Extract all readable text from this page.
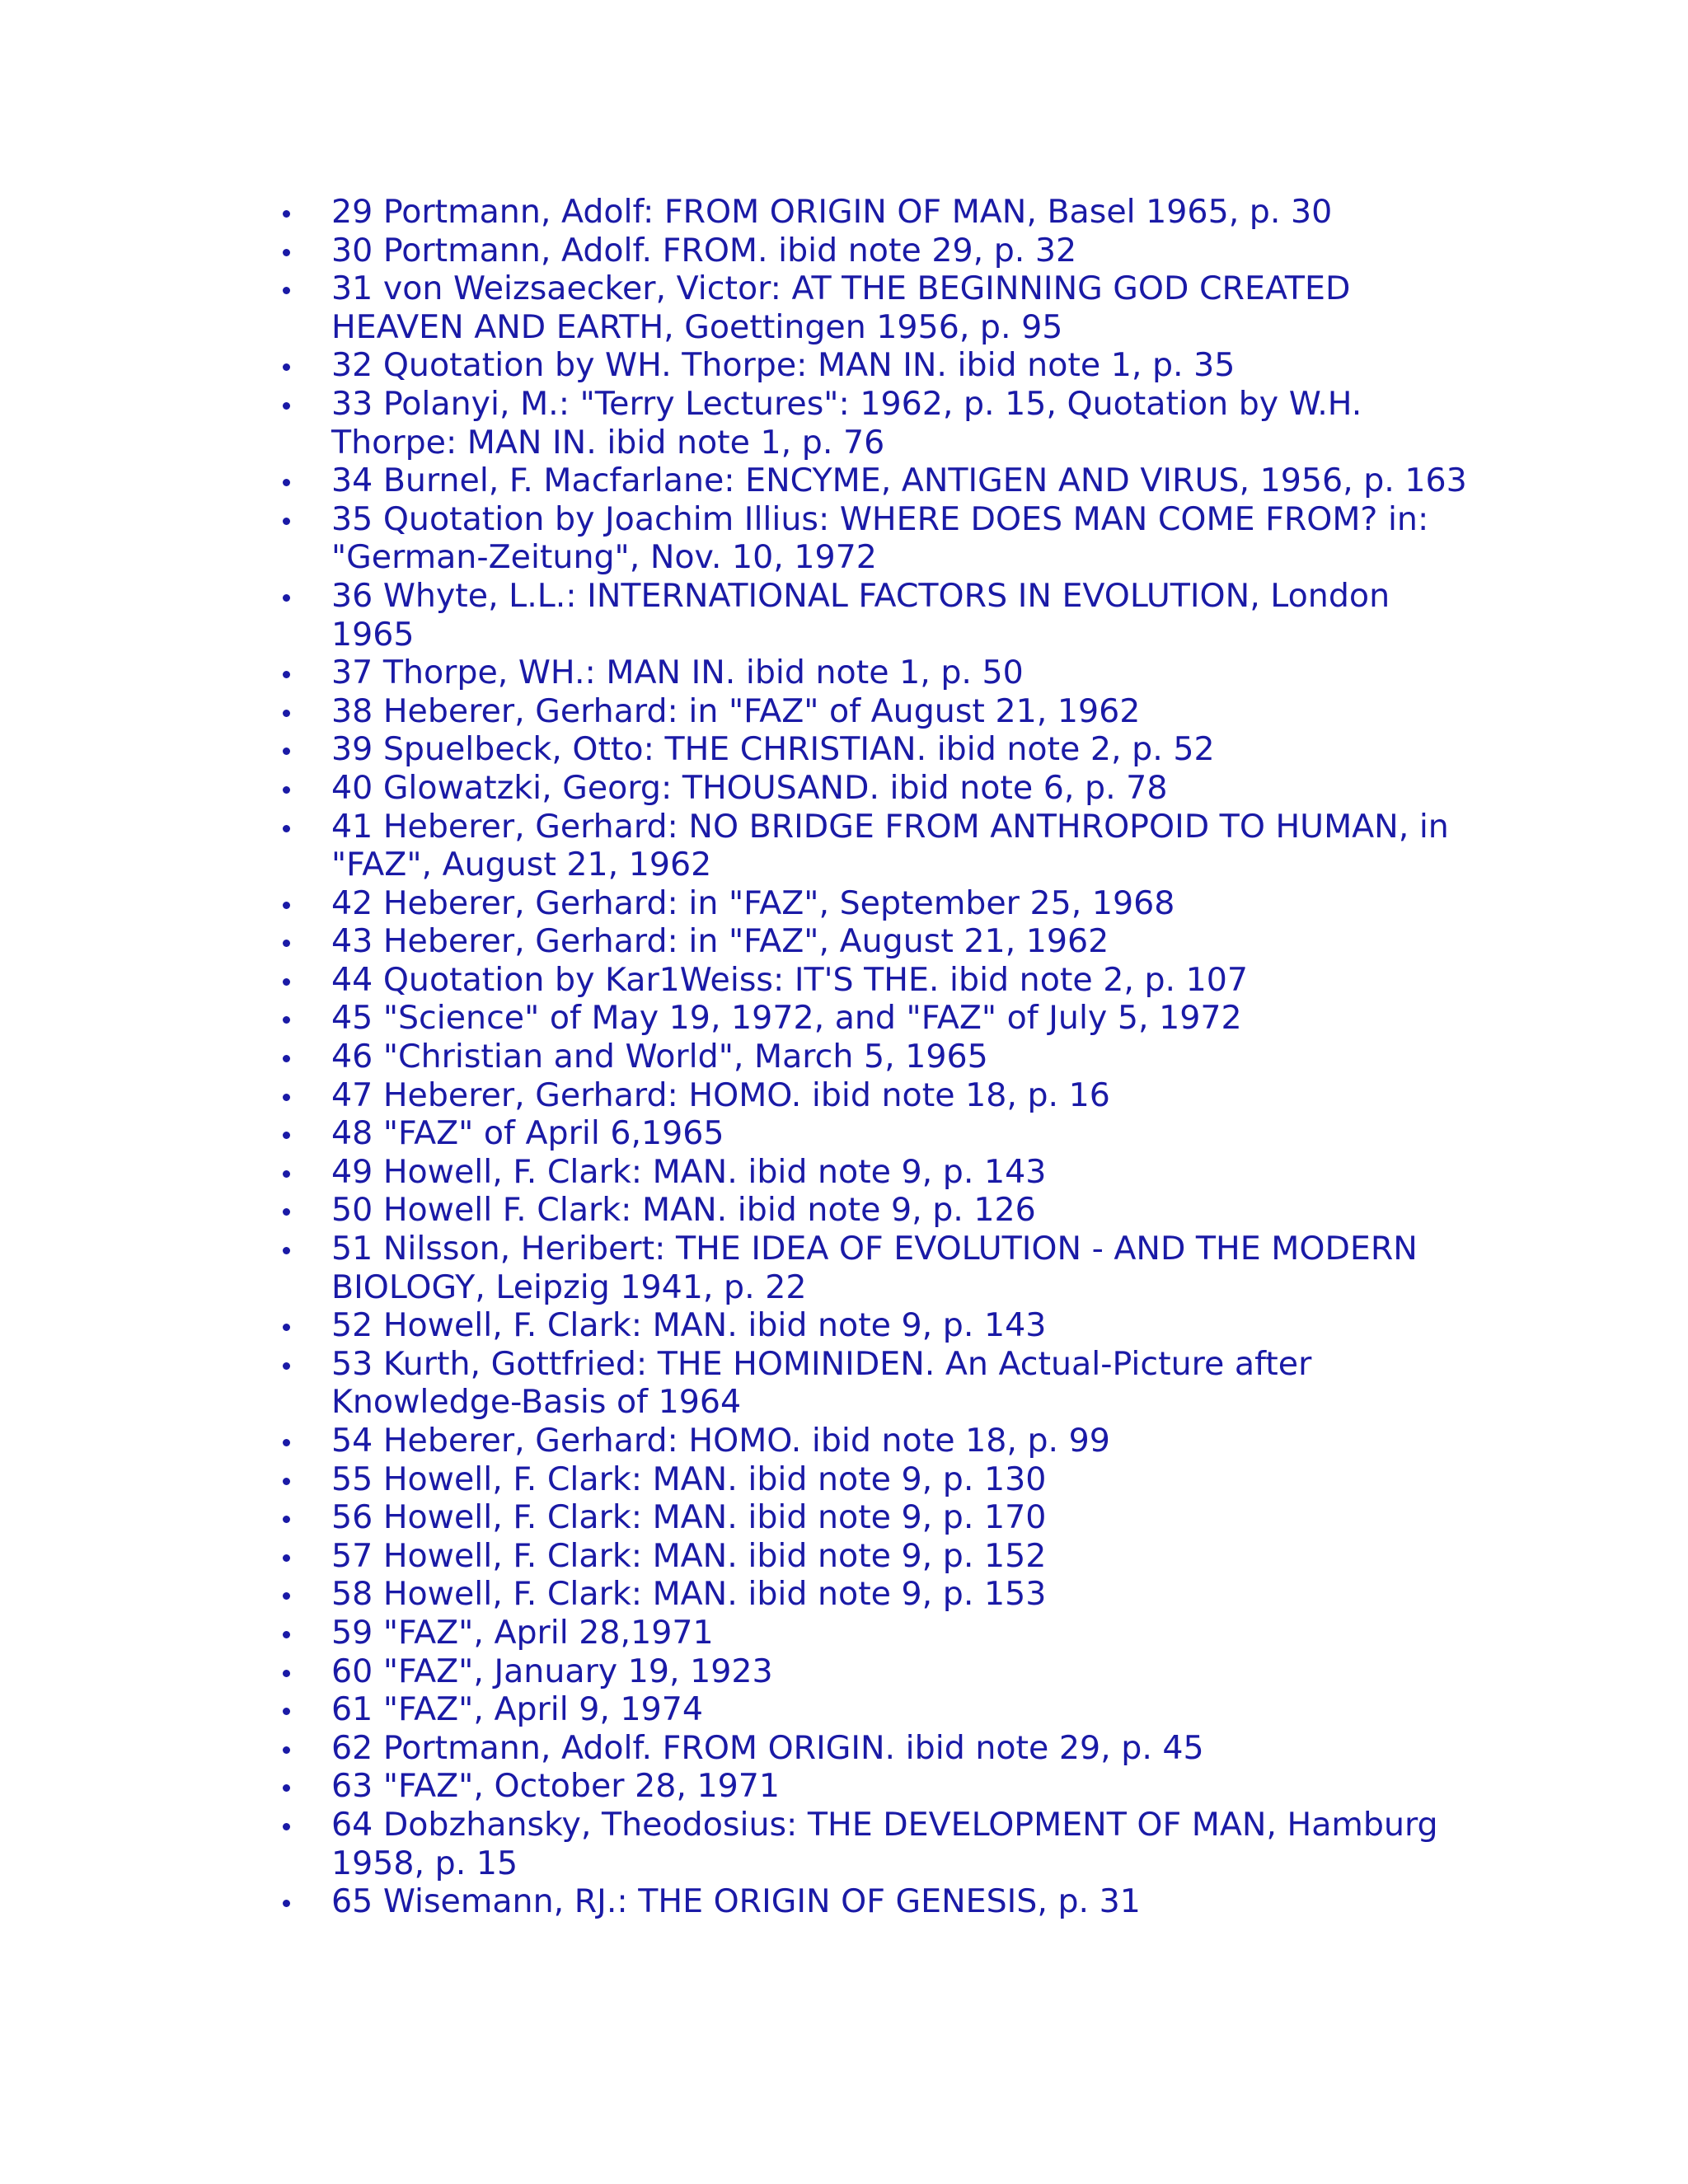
29 Portmann, Adolf: FROM ORIGIN OF MAN, Basel 1965, p. 30
30 Portmann, Adolf. FROM. ibid note 29, p. 32
31 von Weizsaecker, Victor: AT THE BEGINNING GOD CREATED HEAVEN AND EARTH, Goettingen 1956, p. 95
32 Quotation by WH. Thorpe: MAN IN. ibid note 1, p. 35
33 Polanyi, M.: "Terry Lectures": 1962, p. 15, Quotation by W.H. Thorpe: MAN IN. ibid note 1, p. 76
34 Burnel, F. Macfarlane: ENCYME, ANTIGEN AND VIRUS, 1956, p. 163
35 Quotation by Joachim Illius: WHERE DOES MAN COME FROM? in: "German-Zeitung", Nov. 10, 1972
36 Whyte, L.L.: INTERNATIONAL FACTORS IN EVOLUTION, London 1965
37 Thorpe, WH.: MAN IN. ibid note 1, p. 50
38 Heberer, Gerhard: in "FAZ" of August 21, 1962
39 Spuelbeck, Otto: THE CHRISTIAN. ibid note 2, p. 52
40 Glowatzki, Georg: THOUSAND. ibid note 6, p. 78
41 Heberer, Gerhard: NO BRIDGE FROM ANTHROPOID TO HUMAN, in "FAZ", August 21, 1962
42 Heberer, Gerhard: in "FAZ", September 25, 1968
43 Heberer, Gerhard: in "FAZ", August 21, 1962
44 Quotation by Kar1Weiss: IT'S THE. ibid note 2, p. 107
45 "Science" of May 19, 1972, and "FAZ" of July 5, 1972
46 "Christian and World", March 5, 1965
47 Heberer, Gerhard: HOMO. ibid note 18, p. 16
48 "FAZ" of April 6,1965
49 Howell, F. Clark: MAN. ibid note 9, p. 143
50 Howell F. Clark: MAN. ibid note 9, p. 126
51 Nilsson, Heribert: THE IDEA OF EVOLUTION - AND THE MODERN BIOLOGY, Leipzig 1941, p. 22
52 Howell, F. Clark: MAN. ibid note 9, p. 143
53 Kurth, Gottfried: THE HOMINIDEN. An Actual-Picture after Knowledge-Basis of 1964
54 Heberer, Gerhard: HOMO. ibid note 18, p. 99
55 Howell, F. Clark: MAN. ibid note 9, p. 130
56 Howell, F. Clark: MAN. ibid note 9, p. 170
57 Howell, F. Clark: MAN. ibid note 9, p. 152
58 Howell, F. Clark: MAN. ibid note 9, p. 153
59 "FAZ", April 28,1971
60 "FAZ", January 19, 1923
61 "FAZ", April 9, 1974
62 Portmann, Adolf. FROM ORIGIN. ibid note 29, p. 45
63 "FAZ", October 28, 1971
64 Dobzhansky, Theodosius: THE DEVELOPMENT OF MAN, Hamburg 1958, p. 15
65 Wisemann, RJ.: THE ORIGIN OF GENESIS, p. 31
